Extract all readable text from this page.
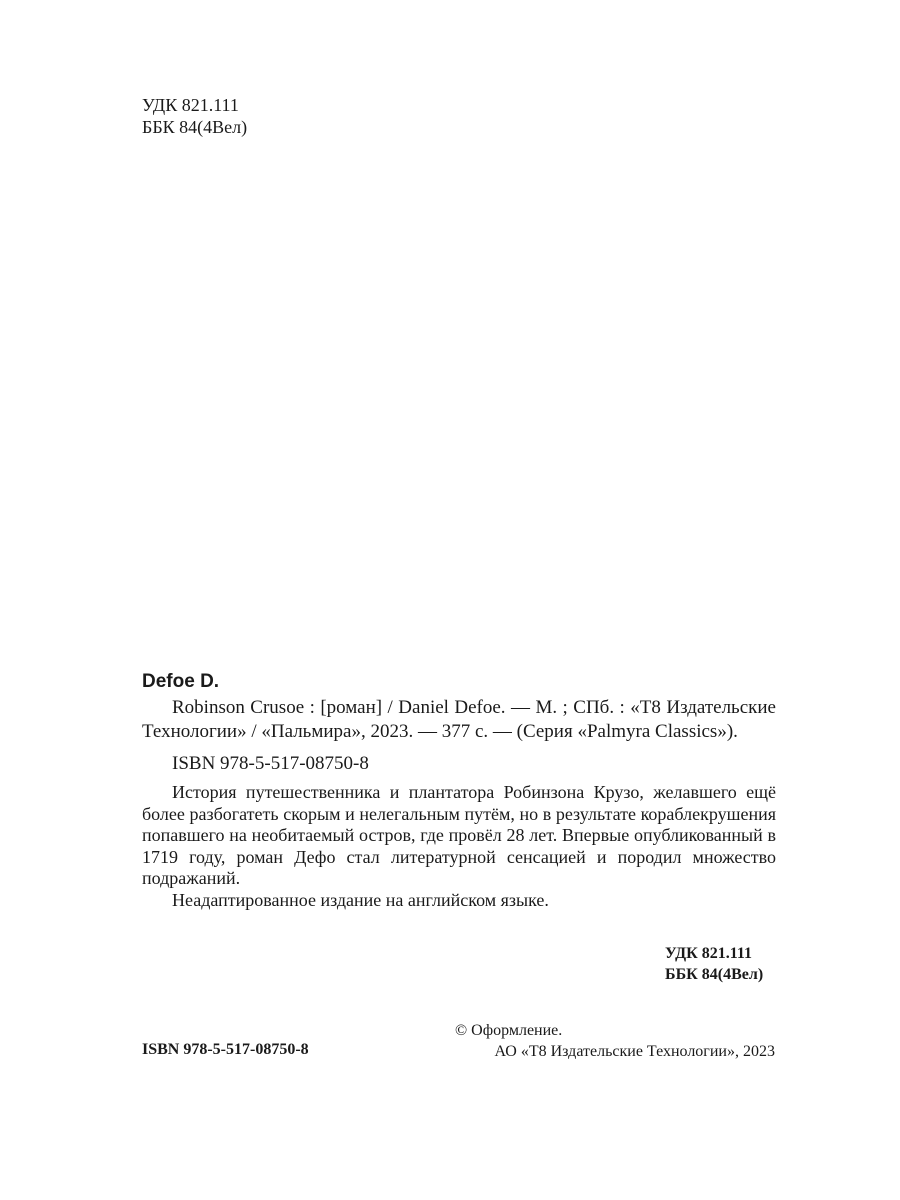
УДК 821.111
ББК 84(4Вел)
Defoe D.

Robinson Crusoe : [роман] / Daniel Defoe. — М. ; СПб. : «Т8 Издательские Технологии» / «Пальмира», 2023. — 377 с. — (Серия «Palmyra Classics»).

ISBN 978-5-517-08750-8

История путешественника и плантатора Робинзона Крузо, желавшего ещё более разбогатеть скорым и нелегальным путём, но в результате кораблекрушения попавшего на необитаемый остров, где провёл 28 лет. Впервые опубликованный в 1719 году, роман Дефо стал литературной сенсацией и породил множество подражаний.

Неадаптированное издание на английском языке.

УДК 821.111
ББК 84(4Вел)
ISBN 978-5-517-08750-8
© Оформление.
АО «Т8 Издательские Технологии», 2023
